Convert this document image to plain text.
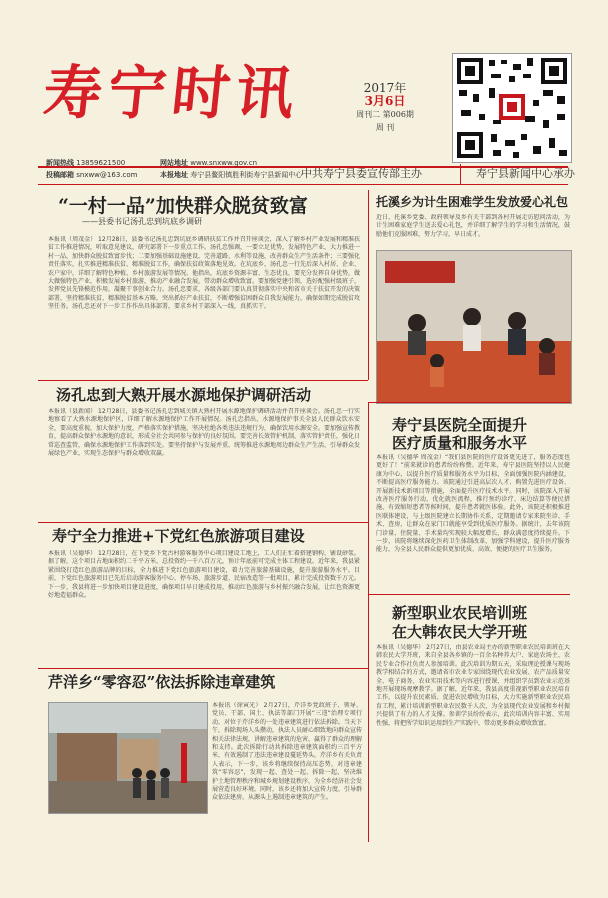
寿宁时讯	2017年
3月6日
周刊二 第006期
周 刊
新闻热线 13859621500
投稿邮箱 snxww@163.com
网站地址 www.snxww.gov.cn
本报地址 寿宁县鳌阳镇胜利街寿宁县新闻中心
中共寿宁县委宣传部主办	寿宁县新闻中心承办
“一村一品”加快群众脱贫致富
——县委书记汤孔忠到坑底乡调研
本报讯（周茂金） 12月28日，县委书记汤孔忠到坑底乡调研扶贫工作并召开座谈会，深入了解乡村产业发展和精准扶贫工作推进情况，听取意见建议，研究部署下一步重点工作。汤孔忠强调，一要立足优势，发展特色产业，大力推进一村一品，加快群众脱贫致富步伐；二要加强基础设施建设，完善道路、水利等设施，改善群众生产生活条件；三要强化责任落实，扎实推进精准扶贫、精准脱贫工作，确保扶贫政策落地见效。在坑底乡，汤孔忠一行先后深入村居、企业、农户家中，详细了解特色种植、乡村旅游发展等情况。他指出，坑底乡资源丰富、生态优良，要充分发挥自身优势，做大做强特色产业，积极发展乡村旅游，推动产业融合发展，带动群众增收致富。要加强党建引领，选好配强村级班子，发挥党员先锋模范作用，凝聚干事创业合力。汤孔忠要求，各级各部门要认真贯彻落实中央和省市关于扶贫开发的决策部署，坚持精准扶贫、精准脱贫基本方略，突出抓好产业扶贫，不断增强贫困群众自我发展能力，确保如期完成脱贫攻坚任务。汤孔忠还对下一步工作作出具体部署，要求乡村干部深入一线，真抓实干。
托溪乡为计生困难学生发放爱心礼包
近日，托溪乡党委、政府领导及乡有关干部到各村开展走访慰问活动，为计生困难家庭学生送去爱心礼包，并详细了解学生的学习和生活情况，鼓励他们克服困难，努力学习，早日成才。
汤孔忠到大熟开展水源地保护调研活动
本报讯（县新闻） 12月28日，县委书记汤孔忠到城关镇大熟村开展水源地保护调研活动并召开座谈会。汤孔忠一行实地察看了大熟水源地保护区，详细了解水源地保护工作开展情况。汤孔忠指出，水源地保护事关全县人民群众饮水安全，要高度重视，加大保护力度，严格落实保护措施，坚决杜绝各类违法违规行为，确保饮用水源安全。要加强宣传教育，提高群众保护水源地的意识，形成全社会共同参与保护的良好氛围。要完善长效管护机制，落实管护责任，强化日常巡查监管，确保水源地保护工作落到实处。要坚持保护与发展并重，统筹推进水源地周边群众生产生活，引导群众发展绿色产业，实现生态保护与群众增收双赢。
寿宁全力推进+下党红色旅游项目建设
本报讯（吴德华） 12月28日，在下党乡下党古村游客服务中心项目建设工地上，工人们正忙着搭建钢构、铺设砂浆。据了解，这个项目占地面积约二千平方米，总投资约一千八百万元，预计年底前可完成主体工程建设。近年来，我县紧紧围绕打造红色旅游品牌的目标，全力推进下党红色旅游项目建设，着力完善旅游基础设施，提升旅游服务水平。目前，下党红色旅游项目已先后启动游客服务中心、停车场、旅游步道、民宿改造等一批项目，累计完成投资数千万元。下一步，我县将进一步加快项目建设进度，确保项目早日建成投用，推动红色旅游与乡村振兴融合发展，让红色资源更好地造福群众。
芹洋乡“零容忍”依法拆除违章建筑
本报讯（徐寅光） 2月27日，芹洋乡党政班子、领导、党员、干部、国土、执法等部门开展“三违”治理专项行动，对位于芹洋乡的一处违章建筑进行依法拆除。当天下午，拆除现场人头攒动，执法人员耐心细致地向群众宣传相关法律法规，讲解违章建筑的危害，赢得了群众的理解和支持。此次拆除行动共拆除违章建筑面积约三百平方米，有效遏制了违法违章建设蔓延势头。芹洋乡有关负责人表示，下一步，该乡将继续保持高压态势，对违章建筑“零容忍”，发现一起、查处一起、拆除一起，坚决维护土地管理秩序和城乡规划建设秩序，为全乡经济社会发展营造良好环境。同时，该乡还将加大宣传力度，引导群众依法建房，从源头上遏制违章建筑的产生。
寿宁县医院全面提升
医疗质量和服务水平
本报讯（吴德华 周茂金）“我们县医院的医疗设备更先进了，服务态度也更好了！”前来就诊的患者纷纷称赞。近年来，寿宁县医院坚持以人民健康为中心，以提升医疗质量和服务水平为目标，全面加强医院内涵建设，不断提高医疗服务能力。该院通过引进高层次人才、购置先进医疗设备、开展新技术新项目等措施，全面提升医疗技术水平。同时，该院深入开展改善医疗服务行动，优化就医流程，推行预约诊疗、床边结算等便民措施，有效缩短患者等候时间，提升患者就医体验。此外，该院还积极推进医联体建设，与上级医院建立长期协作关系，定期邀请专家来院坐诊、手术、查房，让群众在家门口就能享受到优质医疗服务。据统计，去年该院门诊量、住院量、手术量均实现较大幅度增长，群众满意度持续提升。下一步，该院将继续深化医药卫生体制改革，加强学科建设，提升医疗服务能力，为全县人民群众提供更加优质、高效、便捷的医疗卫生服务。
新型职业农民培训班
在大韩农民大学开班
本报讯（吴德华） 2月27日，由县农业局主办的新型职业农民培训班在大韩农民大学开班，来自全县各乡镇的一百余名种养大户、家庭农场主、农民专业合作社负责人参加培训。此次培训为期五天，采取理论授课与现场教学相结合的方式，邀请省市农业专家围绕现代农业发展、农产品质量安全、电子商务、农业实用技术等内容进行授课，并组织学员到农业示范基地开展现场观摩教学。据了解，近年来，我县高度重视新型职业农民培育工作，以提升农民素质、促进农民增收为目标，大力实施新型职业农民培育工程，累计培训新型职业农民数千人次，为全县现代农业发展和乡村振兴提供了有力的人才支撑。参训学员纷纷表示，此次培训内容丰富、实用性强，将把所学知识运用到生产实践中，带动更多群众增收致富。
